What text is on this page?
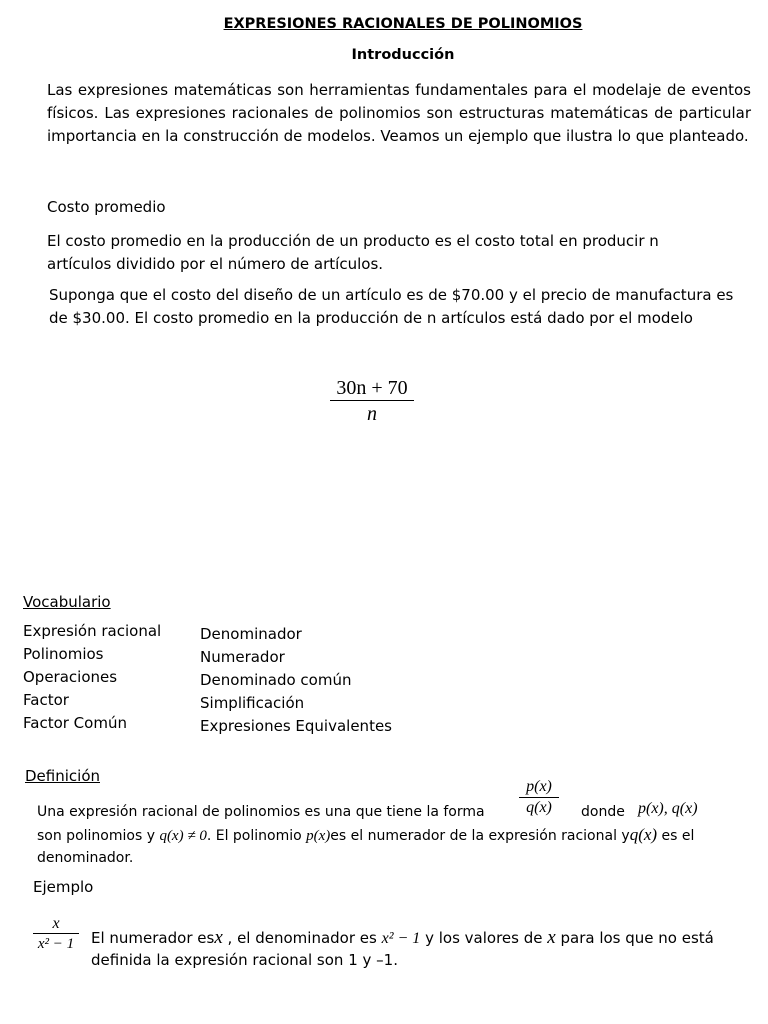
EXPRESIONES RACIONALES DE POLINOMIOS
Introducción
Las expresiones matemáticas son herramientas fundamentales para el modelaje de eventos físicos. Las expresiones racionales de polinomios son estructuras matemáticas de particular importancia en la construcción de modelos. Veamos un ejemplo que ilustra lo que planteado.
Costo promedio
El costo promedio en la producción de un producto es el costo total en producir n artículos dividido por el número de artículos.
Suponga que el costo del diseño de un artículo es de $70.00 y el precio de manufactura es de $30.00. El costo promedio en la producción de n artículos está dado por el modelo
30n + 70
n
Vocabulario
Expresión racional
Polinomios
Operaciones
Factor
Factor Común
Denominador
Numerador
Denominado común
Simplificación
Expresiones Equivalentes
Definición
Una expresión racional de polinomios es una que tiene la forma
p(x)
q(x) donde p(x), q(x)
son polinomios y q(x) ≠ 0. El polinomio p(x)es el numerador de la expresión racional yq(x) es el
denominador.
Ejemplo
x
x² − 1 El numerador esx , el denominador es x² − 1 y los valores de x para los que no está
definida la expresión racional son 1 y –1.
